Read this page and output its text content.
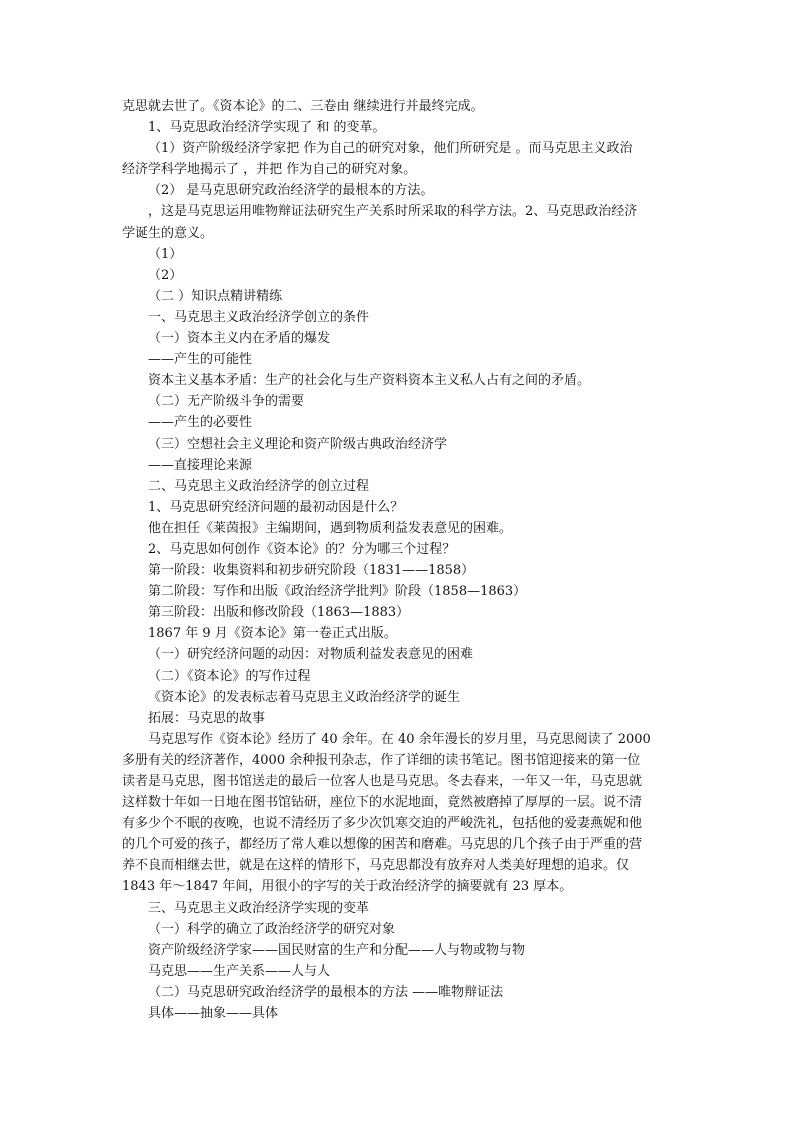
克思就去世了。《资本论》的二、三卷由 继续进行并最终完成。
1、马克思政治经济学实现了 和 的变革。
（1）资产阶级经济学家把 作为自己的研究对象，他们所研究是 。而马克思主义政治
经济学科学地揭示了 ，并把 作为自己的研究对象。
（2） 是马克思研究政治经济学的最根本的方法。
，这是马克思运用唯物辩证法研究生产关系时所采取的科学方法。2、马克思政治经济
学诞生的意义。
（1）
（2）
（二 ）知识点精讲精练
一、马克思主义政治经济学创立的条件
（一）资本主义内在矛盾的爆发
——产生的可能性
资本主义基本矛盾：生产的社会化与生产资料资本主义私人占有之间的矛盾。
（二）无产阶级斗争的需要
——产生的必要性
（三）空想社会主义理论和资产阶级古典政治经济学
——直接理论来源
二、马克思主义政治经济学的创立过程
1、马克思研究经济问题的最初动因是什么？
他在担任《莱茵报》主编期间，遇到物质利益发表意见的困难。
2、马克思如何创作《资本论》的？分为哪三个过程？
第一阶段：收集资料和初步研究阶段（1831——1858）
第二阶段：写作和出版《政治经济学批判》阶段（1858—1863）
第三阶段：出版和修改阶段（1863—1883）
1867 年 9 月《资本论》第一卷正式出版。
（一）研究经济问题的动因：对物质利益发表意见的困难
（二）《资本论》的写作过程
《资本论》的发表标志着马克思主义政治经济学的诞生
拓展：马克思的故事
马克思写作《资本论》经历了 40 余年。在 40 余年漫长的岁月里，马克思阅读了 2000
多册有关的经济著作，4000 余种报刊杂志，作了详细的读书笔记。图书馆迎接来的第一位
读者是马克思，图书馆送走的最后一位客人也是马克思。冬去春来，一年又一年，马克思就
这样数十年如一日地在图书馆钻研，座位下的水泥地面，竟然被磨掉了厚厚的一层。说不清
有多少个不眠的夜晚，也说不清经历了多少次饥寒交迫的严峻洗礼，包括他的爱妻燕妮和他
的几个可爱的孩子，都经历了常人难以想像的困苦和磨难。马克思的几个孩子由于严重的营
养不良而相继去世，就是在这样的情形下，马克思都没有放弃对人类美好理想的追求。仅
1843 年～1847 年间，用很小的字写的关于政治经济学的摘要就有 23 厚本。
三、马克思主义政治经济学实现的变革
（一）科学的确立了政治经济学的研究对象
资产阶级经济学家——国民财富的生产和分配——人与物或物与物
马克思——生产关系——人与人
（二）马克思研究政治经济学的最根本的方法 ——唯物辩证法
具体——抽象——具体
